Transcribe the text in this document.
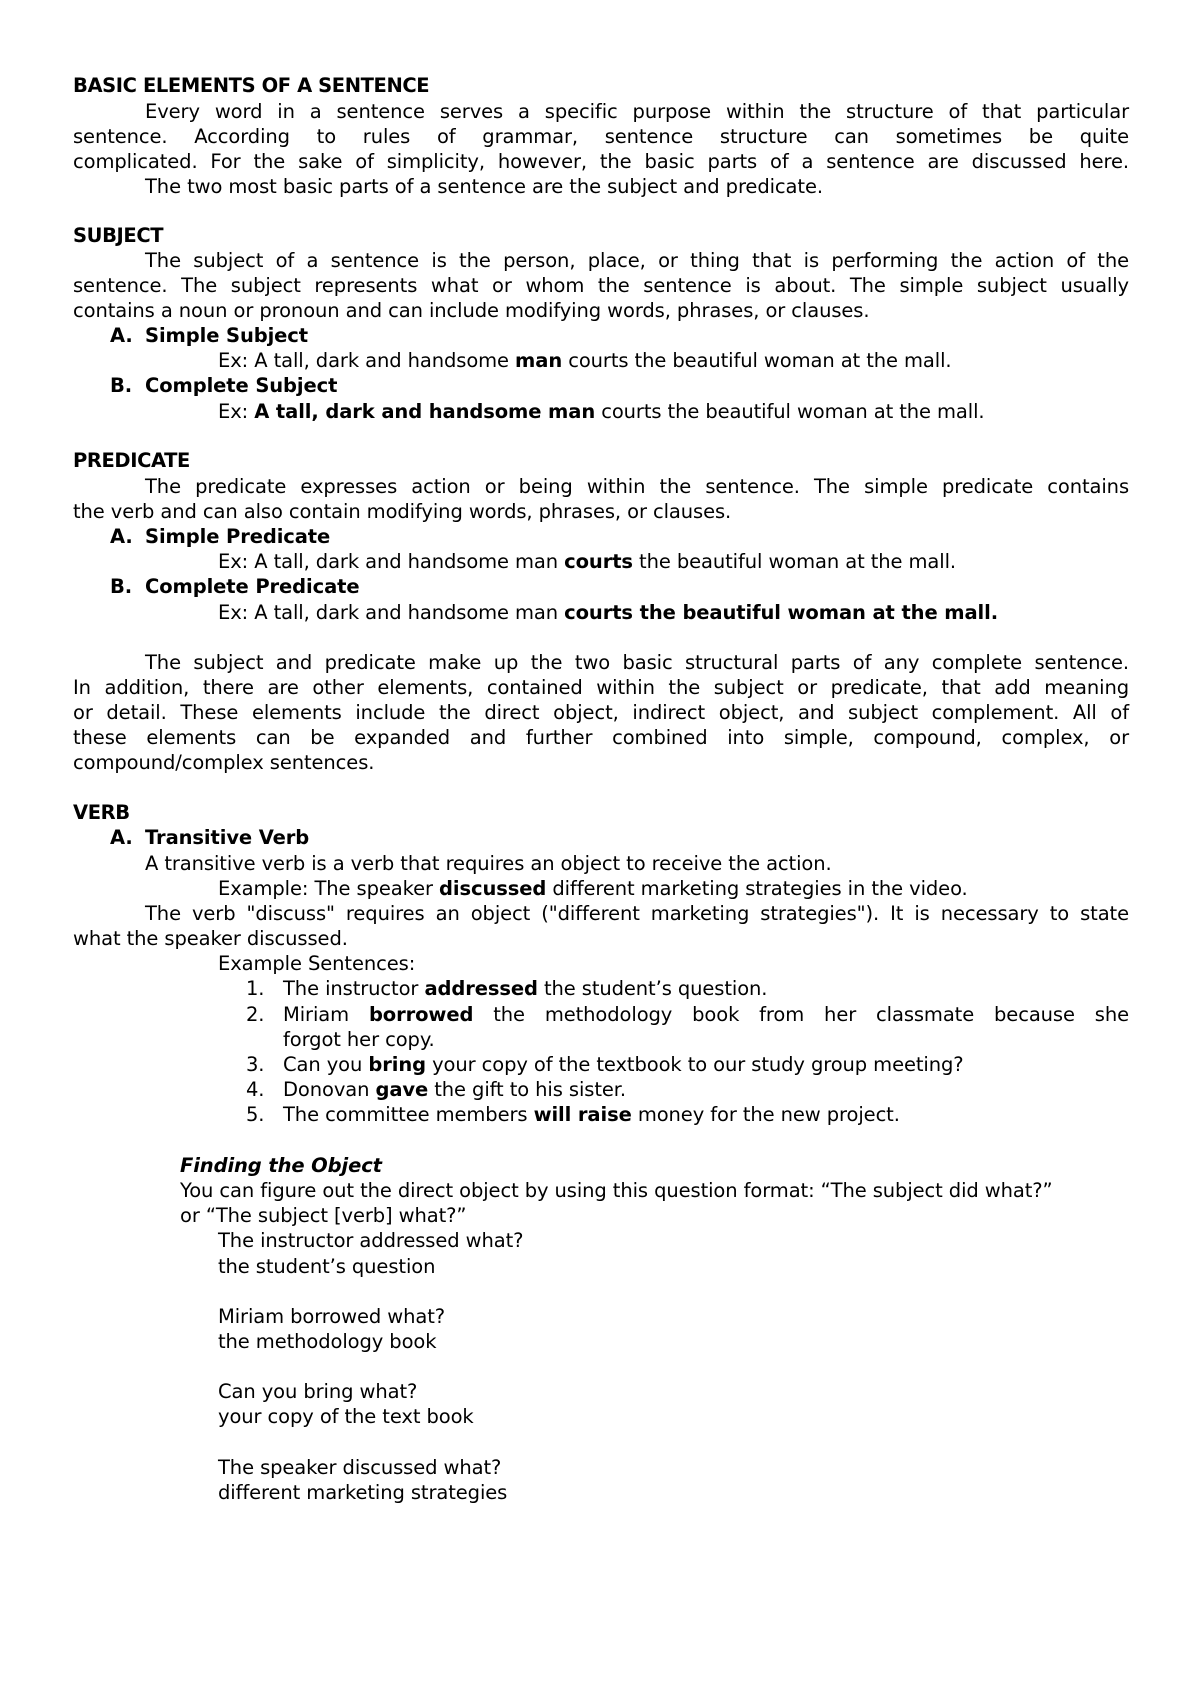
BASIC ELEMENTS OF A SENTENCE
Every word in a sentence serves a specific purpose within the structure of that particular
sentence. According to rules of grammar, sentence structure can sometimes be quite
complicated. For the sake of simplicity, however, the basic parts of a sentence are discussed here.
The two most basic parts of a sentence are the subject and predicate.
SUBJECT
The subject of a sentence is the person, place, or thing that is performing the action of the
sentence. The subject represents what or whom the sentence is about. The simple subject usually
contains a noun or pronoun and can include modifying words, phrases, or clauses.
A. Simple Subject
Ex: A tall, dark and handsome man courts the beautiful woman at the mall.
B. Complete Subject
Ex: A tall, dark and handsome man courts the beautiful woman at the mall.
PREDICATE
The predicate expresses action or being within the sentence. The simple predicate contains
the verb and can also contain modifying words, phrases, or clauses.
A. Simple Predicate
Ex: A tall, dark and handsome man courts the beautiful woman at the mall.
B. Complete Predicate
Ex: A tall, dark and handsome man courts the beautiful woman at the mall.
The subject and predicate make up the two basic structural parts of any complete sentence.
In addition, there are other elements, contained within the subject or predicate, that add meaning
or detail. These elements include the direct object, indirect object, and subject complement. All of
these elements can be expanded and further combined into simple, compound, complex, or
compound/complex sentences.
VERB
A. Transitive Verb
A transitive verb is a verb that requires an object to receive the action.
Example: The speaker discussed different marketing strategies in the video.
The verb "discuss" requires an object ("different marketing strategies"). It is necessary to state
what the speaker discussed.
Example Sentences:
1. The instructor addressed the student’s question.
2. Miriam borrowed the methodology book from her classmate because she
forgot her copy.
3. Can you bring your copy of the textbook to our study group meeting?
4. Donovan gave the gift to his sister.
5. The committee members will raise money for the new project.
Finding the Object
You can figure out the direct object by using this question format: “The subject did what?”
or “The subject [verb] what?”
The instructor addressed what?
the student’s question
Miriam borrowed what?
the methodology book
Can you bring what?
your copy of the text book
The speaker discussed what?
different marketing strategies
